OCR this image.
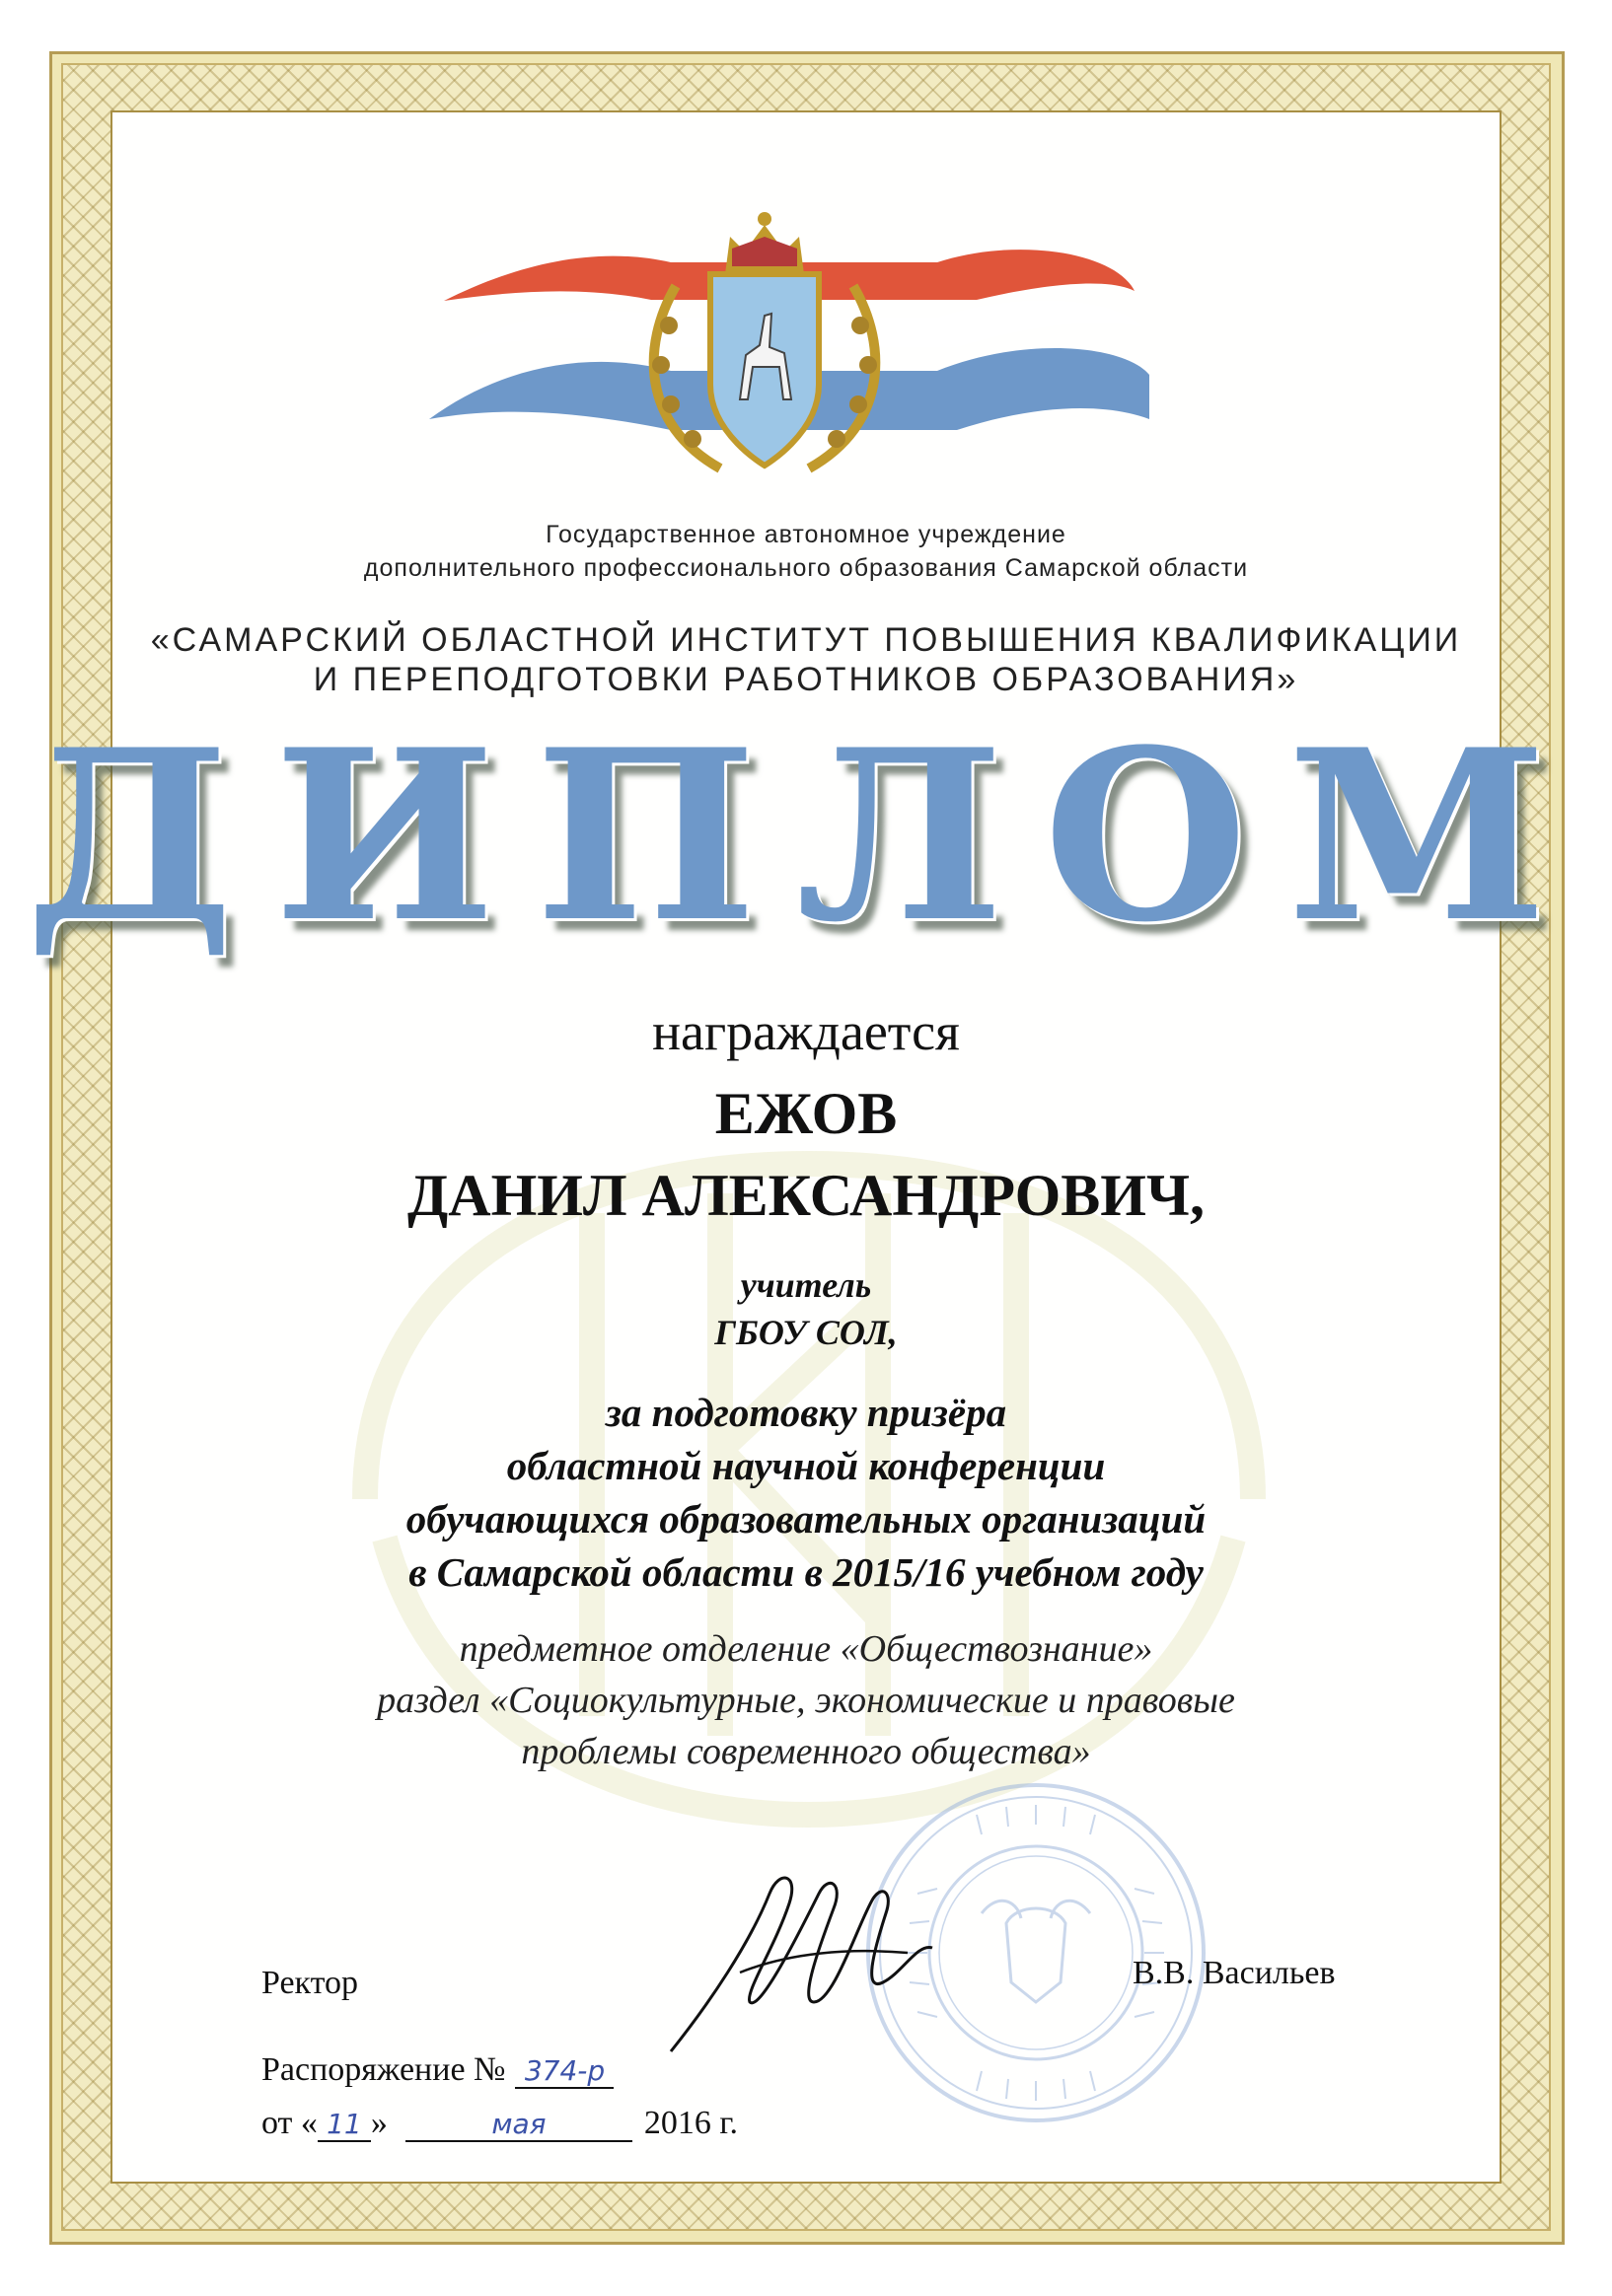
Государственное автономное учреждение
дополнительного профессионального образования Самарской области
«САМАРСКИЙ ОБЛАСТНОЙ ИНСТИТУТ ПОВЫШЕНИЯ КВАЛИФИКАЦИИ
И ПЕРЕПОДГОТОВКИ РАБОТНИКОВ ОБРАЗОВАНИЯ»
ДИПЛОМ
награждается
ЕЖОВ
ДАНИЛ АЛЕКСАНДРОВИЧ,
учитель
ГБОУ СОЛ,
за подготовку призёра
областной научной конференции
обучающихся образовательных организаций
в Самарской области в 2015/16 учебном году
предметное отделение «Обществознание»
раздел «Социокультурные, экономические и правовые
проблемы современного общества»
Ректор	В.В. Васильев
Распоряжение № 374-р
от « 11 »	мая	2016 г.
